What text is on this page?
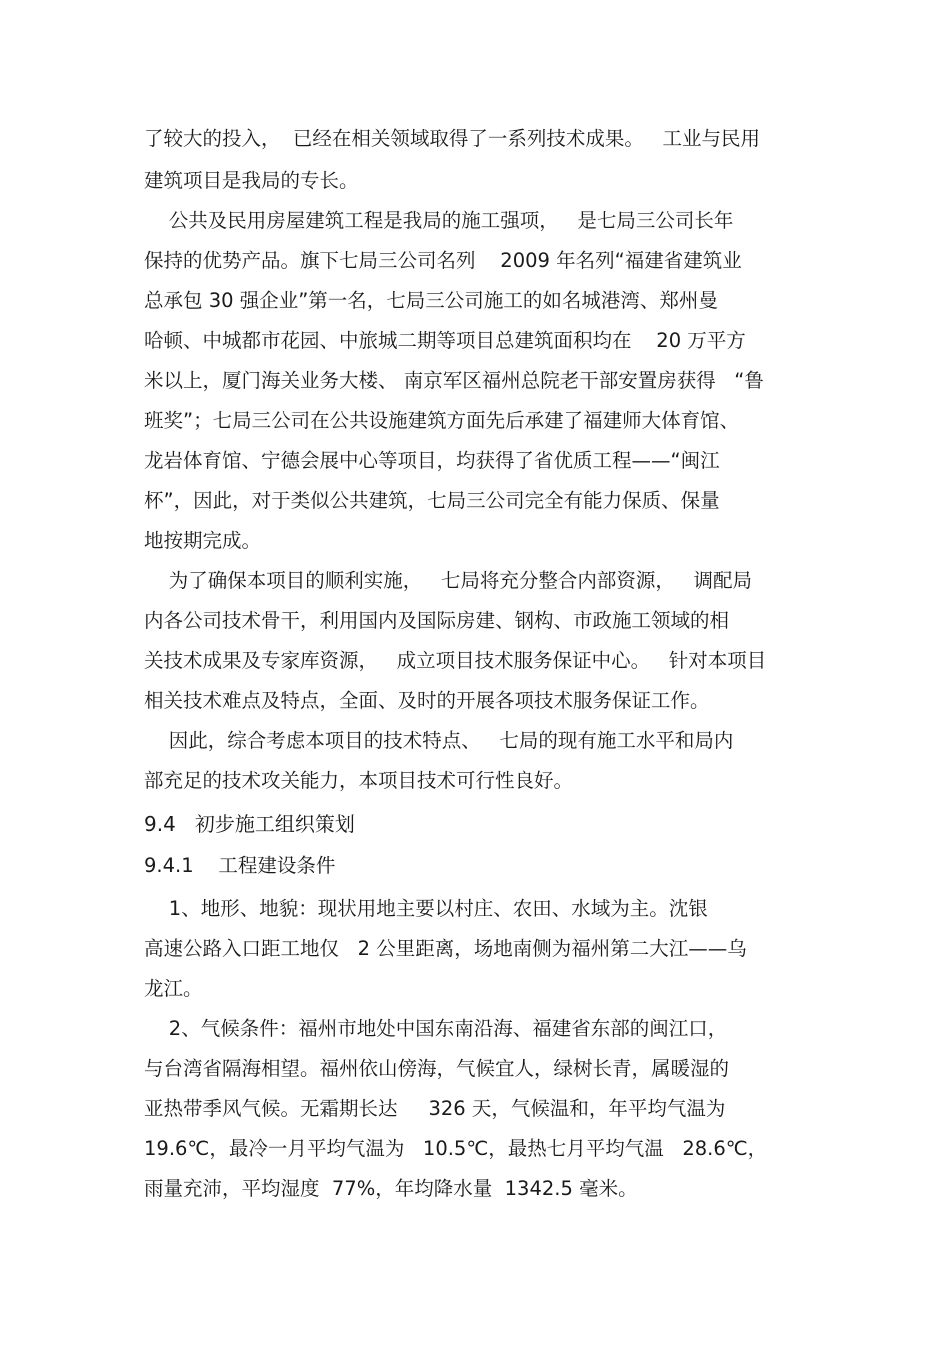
了较大的投入，  已经在相关领域取得了一系列技术成果。   工业与民用
建筑项目是我局的专长。
公共及民用房屋建筑工程是我局的施工强项，   是七局三公司长年
保持的优势产品。旗下七局三公司名列    2009 年名列“福建省建筑业
总承包 30 强企业”第一名，七局三公司施工的如名城港湾、郑州曼
哈顿、中城都市花园、中旅城二期等项目总建筑面积均在    20 万平方
米以上，厦门海关业务大楼、 南京军区福州总院老干部安置房获得   “鲁
班奖”；七局三公司在公共设施建筑方面先后承建了福建师大体育馆、
龙岩体育馆、宁德会展中心等项目，均获得了省优质工程——“闽江
杯”，因此，对于类似公共建筑，七局三公司完全有能力保质、保量
地按期完成。
为了确保本项目的顺利实施，   七局将充分整合内部资源，   调配局
内各公司技术骨干，利用国内及国际房建、钢构、市政施工领域的相
关技术成果及专家库资源，   成立项目技术服务保证中心。   针对本项目
相关技术难点及特点，全面、及时的开展各项技术服务保证工作。
因此，综合考虑本项目的技术特点、   七局的现有施工水平和局内
部充足的技术攻关能力，本项目技术可行性良好。
9.4   初步施工组织策划
9.4.1    工程建设条件
1、地形、地貌：现状用地主要以村庄、农田、水域为主。沈银
高速公路入口距工地仅   2 公里距离，场地南侧为福州第二大江——乌
龙江。
2、气候条件：福州市地处中国东南沿海、福建省东部的闽江口，
与台湾省隔海相望。福州依山傍海，气候宜人，绿树长青，属暖湿的
亚热带季风气候。无霜期长达     326 天，气候温和，年平均气温为
19.6℃，最冷一月平均气温为   10.5℃，最热七月平均气温   28.6℃，
雨量充沛，平均湿度  77%，年均降水量  1342.5 毫米。
